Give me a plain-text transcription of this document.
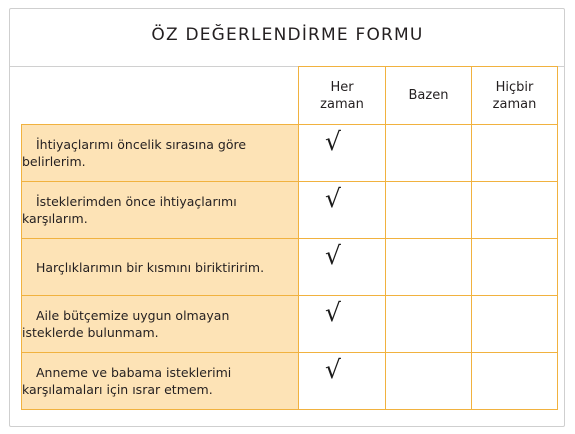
ÖZ DEĞERLENDİRME FORMU

	Her
zaman	Bazen	Hiçbir
zaman

İhtiyaçlarımı öncelik sırasına göre
belirlerim.	√		

İsteklerimden önce ihtiyaçlarımı
karşılarım.	√		

Harçlıklarımın bir kısmını biriktiririm.	√		

Aile bütçemize uygun olmayan
isteklerde bulunmam.	√		

Anneme ve babama isteklerimi
karşılamaları için ısrar etmem.	√		
